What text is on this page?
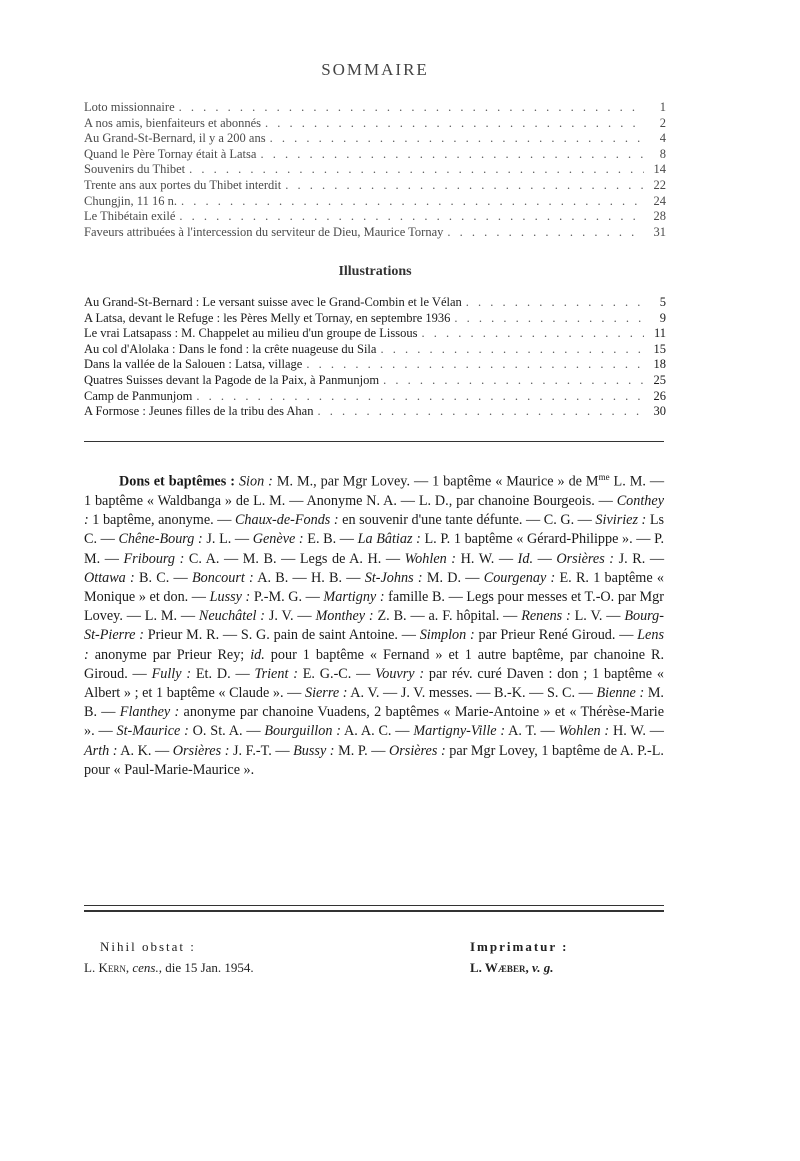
SOMMAIRE
Loto missionnaire . . .	1
A nos amis, bienfaiteurs et abonnés . . .	2
Au Grand-St-Bernard, il y a 200 ans . . .	4
Quand le Père Tornay était à Latsa . . .	8
Souvenirs du Thibet . . .	14
Trente ans aux portes du Thibet interdit . . .	22
Chungjin, 11 16 n. . . .	24
Le Thibétain exilé . . .	28
Faveurs attribuées à l'intercession du serviteur de Dieu, Maurice Tornay . . .	31
Illustrations
Au Grand-St-Bernard : Le versant suisse avec le Grand-Combin et le Vélan . . .	5
A Latsa, devant le Refuge : les Pères Melly et Tornay, en septembre 1936 . . .	9
Le vrai Latsapass : M. Chappelet au milieu d'un groupe de Lissous . . .	11
Au col d'Alolaka : Dans le fond : la crête nuageuse du Sila . . .	15
Dans la vallée de la Salouen : Latsa, village . . .	18
Quatres Suisses devant la Pagode de la Paix, à Panmunjom . . .	25
Camp de Panmunjom . . .	26
A Formose : Jeunes filles de la tribu des Ahan . . .	30
Dons et baptêmes : Sion : M. M., par Mgr Lovey. — 1 baptême « Maurice » de $M^{me}$ L. M. — 1 baptême « Waldbanga » de L. M. — Anonyme N. A. — L. D., par chanoine Bourgeois. — Conthey : 1 baptême, anonyme. — Chaux-de-Fonds : en souvenir d'une tante défunte. — C. G. — Siviriez : Ls C. — Chêne-Bourg : J. L. — Genève : E. B. — La Bâtiaz : L. P. 1 baptême « Gérard-Philippe ». — P. M. — Fribourg : C. A. — M. B. — Legs de A. H. — Wohlen : H. W. — Id. — Orsières : J. R. — Ottawa : B. C. — Boncourt : A. B. — H. B. — St-Johns : M. D. — Courgenay : E. R. 1 baptême « Monique » et don. — Lussy : P.-M. G. — Martigny : famille B. — Legs pour messes et T.-O. par Mgr Lovey. — L. M. — Neuchâtel : J. V. — Monthey : Z. B. — a. F. hôpital. — Renens : L. V. — Bourg-St-Pierre : Prieur M. R. — S. G. pain de saint Antoine. — Simplon : par Prieur René Giroud. — Lens : anonyme par Prieur Rey; id. pour 1 baptême « Fernand » et 1 autre baptême, par chanoine R. Giroud. — Fully : Et. D. — Trient : E. G.-C. — Vouvry : par rév. curé Daven : don ; 1 baptême « Albert » ; et 1 baptême « Claude ». — Sierre : A. V. — J. V. messes. — B.-K. — S. C. — Bienne : M. B. — Flanthey : anonyme par chanoine Vuadens, 2 baptêmes « Marie-Antoine » et « Thérèse-Marie ». — St-Maurice : O. St. A. — Bourguillon : A. A. C. — Martigny-Ville : A. T. — Wohlen : H. W. — Arth : A. K. — Orsières : J. F.-T. — Bussy : M. P. — Orsières : par Mgr Lovey, 1 baptême de A. P.-L. pour « Paul-Marie-Maurice ».
Nihil obstat :
L. Kern, cens., die 15 Jan. 1954.
Imprimatur :
L. Wæber, v. g.
